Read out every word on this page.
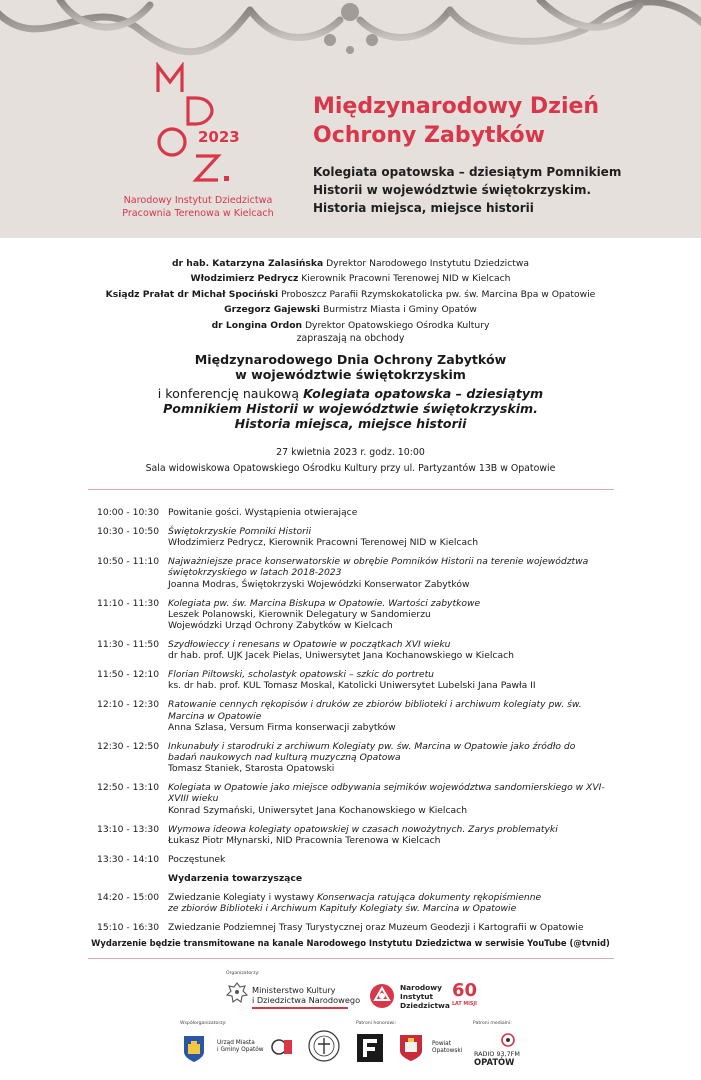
2023
Narodowy Instytut Dziedzictwa
Pracownia Terenowa w Kielcach
Międzynarodowy Dzień
Ochrony Zabytków
Kolegiata opatowska – dziesiątym Pomnikiem
Historii w województwie świętokrzyskim.
Historia miejsca, miejsce historii
dr hab. Katarzyna Zalasińska Dyrektor Narodowego Instytutu Dziedzictwa
Włodzimierz Pedrycz Kierownik Pracowni Terenowej NID w Kielcach
Ksiądz Prałat dr Michał Spociński Proboszcz Parafii Rzymskokatolicka pw. św. Marcina Bpa w Opatowie
Grzegorz Gajewski Burmistrz Miasta i Gminy Opatów
dr Longina Ordon Dyrektor Opatowskiego Ośrodka Kultury
zapraszają na obchody
Międzynarodowego Dnia Ochrony Zabytków
w województwie świętokrzyskim
i konferencję naukową Kolegiata opatowska – dziesiątym
Pomnikiem Historii w województwie świętokrzyskim.
Historia miejsca, miejsce historii
27 kwietnia 2023 r. godz. 10:00
Sala widowiskowa Opatowskiego Ośrodku Kultury przy ul. Partyzantów 13B w Opatowie
10:00 - 10:30 Powitanie gości. Wystąpienia otwierające
10:30 - 10:50 Świętokrzyskie Pomniki Historii
Włodzimierz Pedrycz, Kierownik Pracowni Terenowej NID w Kielcach
10:50 - 11:10 Najważniejsze prace konserwatorskie w obrębie Pomników Historii na terenie województwa świętokrzyskiego w latach 2018-2023
Joanna Modras, Świętokrzyski Wojewódzki Konserwator Zabytków
11:10 - 11:30 Kolegiata pw. św. Marcina Biskupa w Opatowie. Wartości zabytkowe
Leszek Polanowski, Kierownik Delegatury w Sandomierzu
Wojewódzki Urząd Ochrony Zabytków w Kielcach
11:30 - 11:50 Szydłowieccy i renesans w Opatowie w początkach XVI wieku
dr hab. prof. UJK Jacek Pielas, Uniwersytet Jana Kochanowskiego w Kielcach
11:50 - 12:10 Florian Piltowski, scholastyk opatowski – szkic do portretu
ks. dr hab. prof. KUL Tomasz Moskal, Katolicki Uniwersytet Lubelski Jana Pawła II
12:10 - 12:30 Ratowanie cennych rękopisów i druków ze zbiorów biblioteki i archiwum kolegiaty pw. św. Marcina w Opatowie
Anna Szlasa, Versum Firma konserwacji zabytków
12:30 - 12:50 Inkunabuły i starodruki z archiwum Kolegiaty pw. św. Marcina w Opatowie jako źródło do badań naukowych nad kulturą muzyczną Opatowa
Tomasz Staniek, Starosta Opatowski
12:50 - 13:10 Kolegiata w Opatowie jako miejsce odbywania sejmików województwa sandomierskiego w XVI-XVIII wieku
Konrad Szymański, Uniwersytet Jana Kochanowskiego w Kielcach
13:10 - 13:30 Wymowa ideowa kolegiaty opatowskiej w czasach nowożytnych. Zarys problematyki
Łukasz Piotr Młynarski, NID Pracownia Terenowa w Kielcach
13:30 - 14:10 Poczęstunek
Wydarzenia towarzyszące
14:20 - 15:00 Zwiedzanie Kolegiaty i wystawy Konserwacja ratująca dokumenty rękopiśmienne
ze zbiorów Biblioteki i Archiwum Kapituły Kolegiaty św. Marcina w Opatowie
15:10 - 16:30 Zwiedzanie Podziemnej Trasy Turystycznej oraz Muzeum Geodezji i Kartografii w Opatowie
Wydarzenie będzie transmitowane na kanale Narodowego Instytutu Dziedzictwa w serwisie YouTube (@tvnid)
Organizatorzy:
Ministerstwo Kultury
i Dziedzictwa Narodowego
Narodowy
Instytut
Dziedzictwa
60
LAT MISJI
Współorganizatorzy:
Urząd Miasta
i Gminy Opatów
Patroni honorowi:
Powiat
Opatowski
Patroni medialni:
RADIO 93,7FM
OPATÓW
